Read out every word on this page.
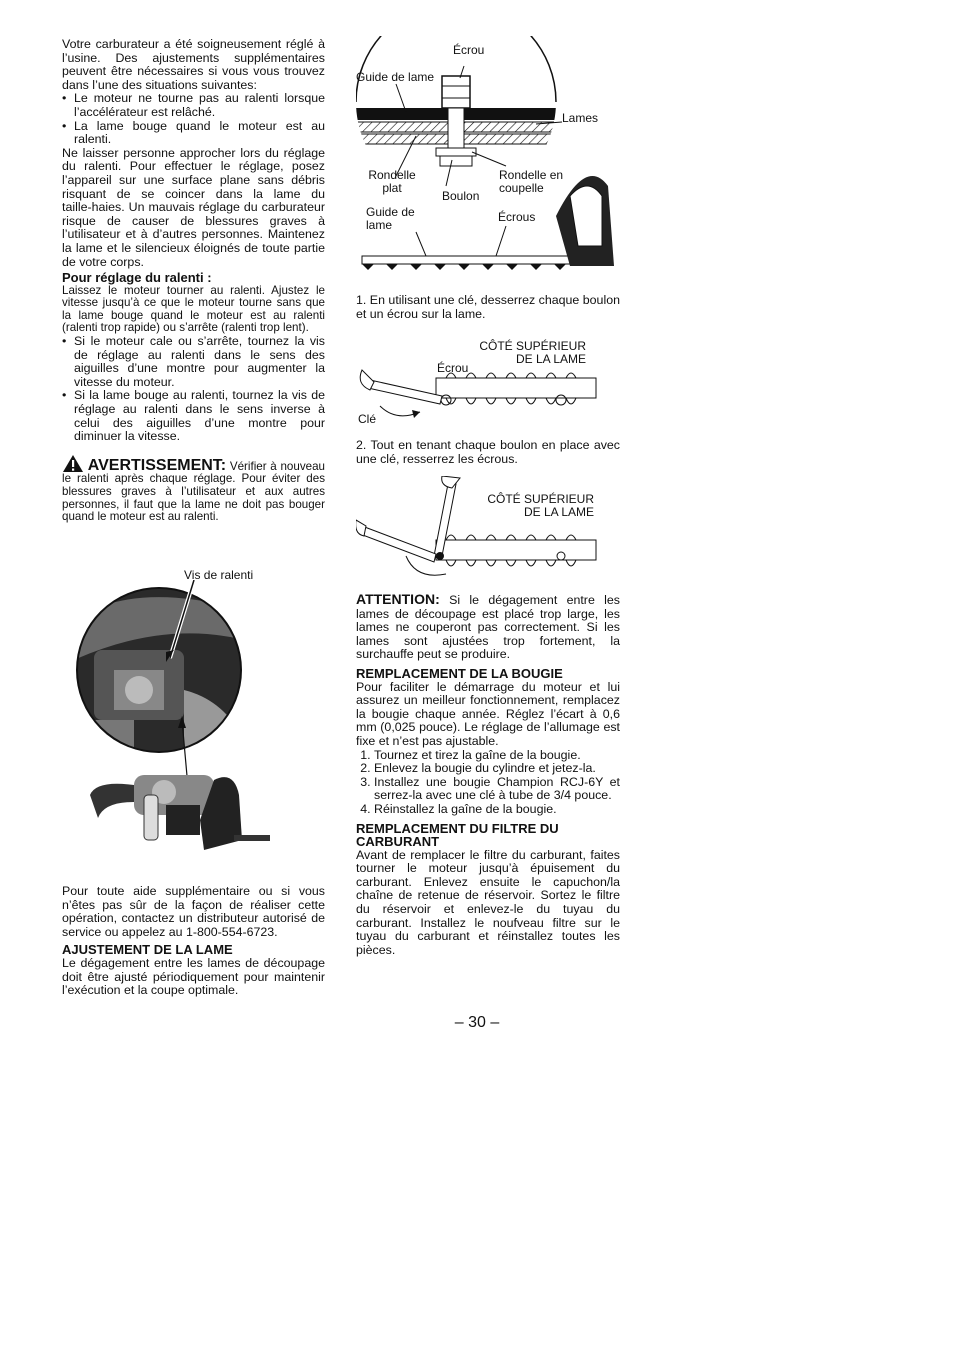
Votre carburateur a été soigneusement réglé à l’usine. Des ajustements supplémentaires peuvent être nécessaires si vous vous trouvez dans l’une des situations suivantes:

• Le moteur ne tourne pas au ralenti lorsque l’accélérateur est relâché.
• La lame bouge quand le moteur est au ralenti.

Ne laisser personne approcher lors du réglage du ralenti. Pour effectuer le réglage, posez l’appareil sur une surface plane sans débris risquant de se coincer dans la lame du taille‑haies. Un mauvais réglage du carburateur risque de causer de blessures graves à l’utilisateur et à d’autres personnes. Maintenez la lame et le silencieux éloignés de toute partie de votre corps.

Pour réglage du ralenti :

Laissez le moteur tourner au ralenti. Ajustez le vitesse jusqu’à ce que le moteur tourne sans que la lame bouge quand le moteur est au ralenti (ralenti trop rapide) ou s’arrête (ralenti trop lent).

• Si le moteur cale ou s’arrête, tournez la vis de réglage au ralenti dans le sens des aiguilles d’une montre pour augmenter la vitesse du moteur.
• Si la lame bouge au ralenti, tournez la vis de réglage au ralenti dans le sens inverse à celui des aiguilles d’une montre pour diminuer la vitesse.

AVERTISSEMENT: Vérifier à nouveau le ralenti après chaque réglage. Pour éviter des blessures graves à l’utilisateur et aux autres personnes, il faut que la lame ne doit pas bouger quand le moteur est au ralenti.

Vis de ralenti

Pour toute aide supplémentaire ou si vous n’êtes pas sûr de la façon de réaliser cette opération, contactez un distributeur autorisé de service ou appelez au 1‑800‑554‑6723.

AJUSTEMENT DE LA LAME

Le dégagement entre les lames de découpage doit être ajusté périodiquement pour maintenir l’exécution et la coupe optimale.

Écrou
Guide de lame
Lames
Rondelle plat
Boulon
Rondelle en coupelle
Guide de lame
Écrous

1. En utilisant une clé, desserrez chaque boulon et un écrou sur la lame.

CÔTÉ SUPÉRIEUR DE LA LAME
Écrou
Clé

2. Tout en tenant chaque boulon en place avec une clé, resserrez les écrous.

CÔTÉ SUPÉRIEUR DE LA LAME

ATTENTION: Si le dégagement entre les lames de découpage est placé trop large, les lames ne couperont pas correctement. Si les lames sont ajustées trop fortement, la surchauffe peut se produire.

REMPLACEMENT DE LA BOUGIE

Pour faciliter le démarrage du moteur et lui assurez un meilleur fonctionnement, remplacez la bougie chaque année. Réglez l’écart à 0,6 mm (0,025 pouce). Le réglage de l’allumage est fixe et n’est pas ajustable.

1. Tournez et tirez la gaîne de la bougie.
2. Enlevez la bougie du cylindre et jetez‑la.
3. Installez une bougie Champion RCJ‑6Y et serrez‑la avec une clé à tube de 3/4 pouce.
4. Réinstallez la gaîne de la bougie.
REMPLACEMENT DU FILTRE DU CARBURANT

Avant de remplacer le filtre du carburant, faites tourner le moteur jusqu’à épuisement du carburant. Enlevez ensuite le capuchon/la chaîne de retenue de réservoir. Sortez le filtre du réservoir et enlevez‑le du tuyau du carburant. Installez le noufveau filtre sur le tuyau du carburant et réinstallez toutes les pièces.

– 30 –
